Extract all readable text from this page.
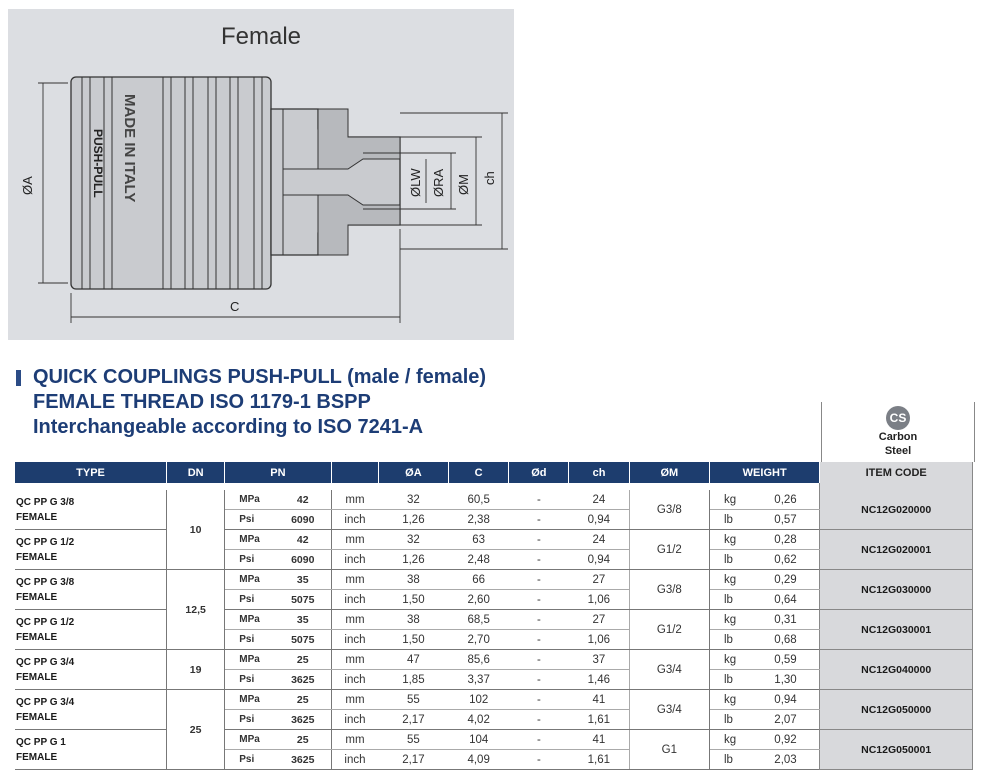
Female
PUSH-PULL MADE IN ITALY
ØA
C
ch
ØM
ØRA
ØLW
QUICK COUPLINGS PUSH-PULL (male / female)
FEMALE THREAD ISO 1179-1 BSPP
Interchangeable according to ISO 7241-A	CS
Carbon
Steel
TYPE	DN	PN			ØA	C	Ød	ch	ØM	WEIGHT		ITEM CODE

QC PP G 3/8
FEMALE	10	MPa	42	mm	32	60,5	-	24	G3/8	kg	0,26	NC12G020000
		Psi	6090	inch	1,26	2,38	-	0,94		lb	0,57	

QC PP G 1/2
FEMALE		MPa	42	mm	32	63	-	24	G1/2	kg	0,28	NC12G020001
		Psi	6090	inch	1,26	2,48	-	0,94		lb	0,62	

QC PP G 3/8
FEMALE	12,5	MPa	35	mm	38	66	-	27	G3/8	kg	0,29	NC12G030000
		Psi	5075	inch	1,50	2,60	-	1,06		lb	0,64	

QC PP G 1/2
FEMALE		MPa	35	mm	38	68,5	-	27	G1/2	kg	0,31	NC12G030001
		Psi	5075	inch	1,50	2,70	-	1,06		lb	0,68	

QC PP G 3/4
FEMALE	19	MPa	25	mm	47	85,6	-	37	G3/4	kg	0,59	NC12G040000
		Psi	3625	inch	1,85	3,37	-	1,46		lb	1,30	

QC PP G 3/4
FEMALE	25	MPa	25	mm	55	102	-	41	G3/4	kg	0,94	NC12G050000
		Psi	3625	inch	2,17	4,02	-	1,61		lb	2,07	

QC PP G 1
FEMALE		MPa	25	mm	55	104	-	41	G1	kg	0,92	NC12G050001
		Psi	3625	inch	2,17	4,09	-	1,61		lb	2,03	
